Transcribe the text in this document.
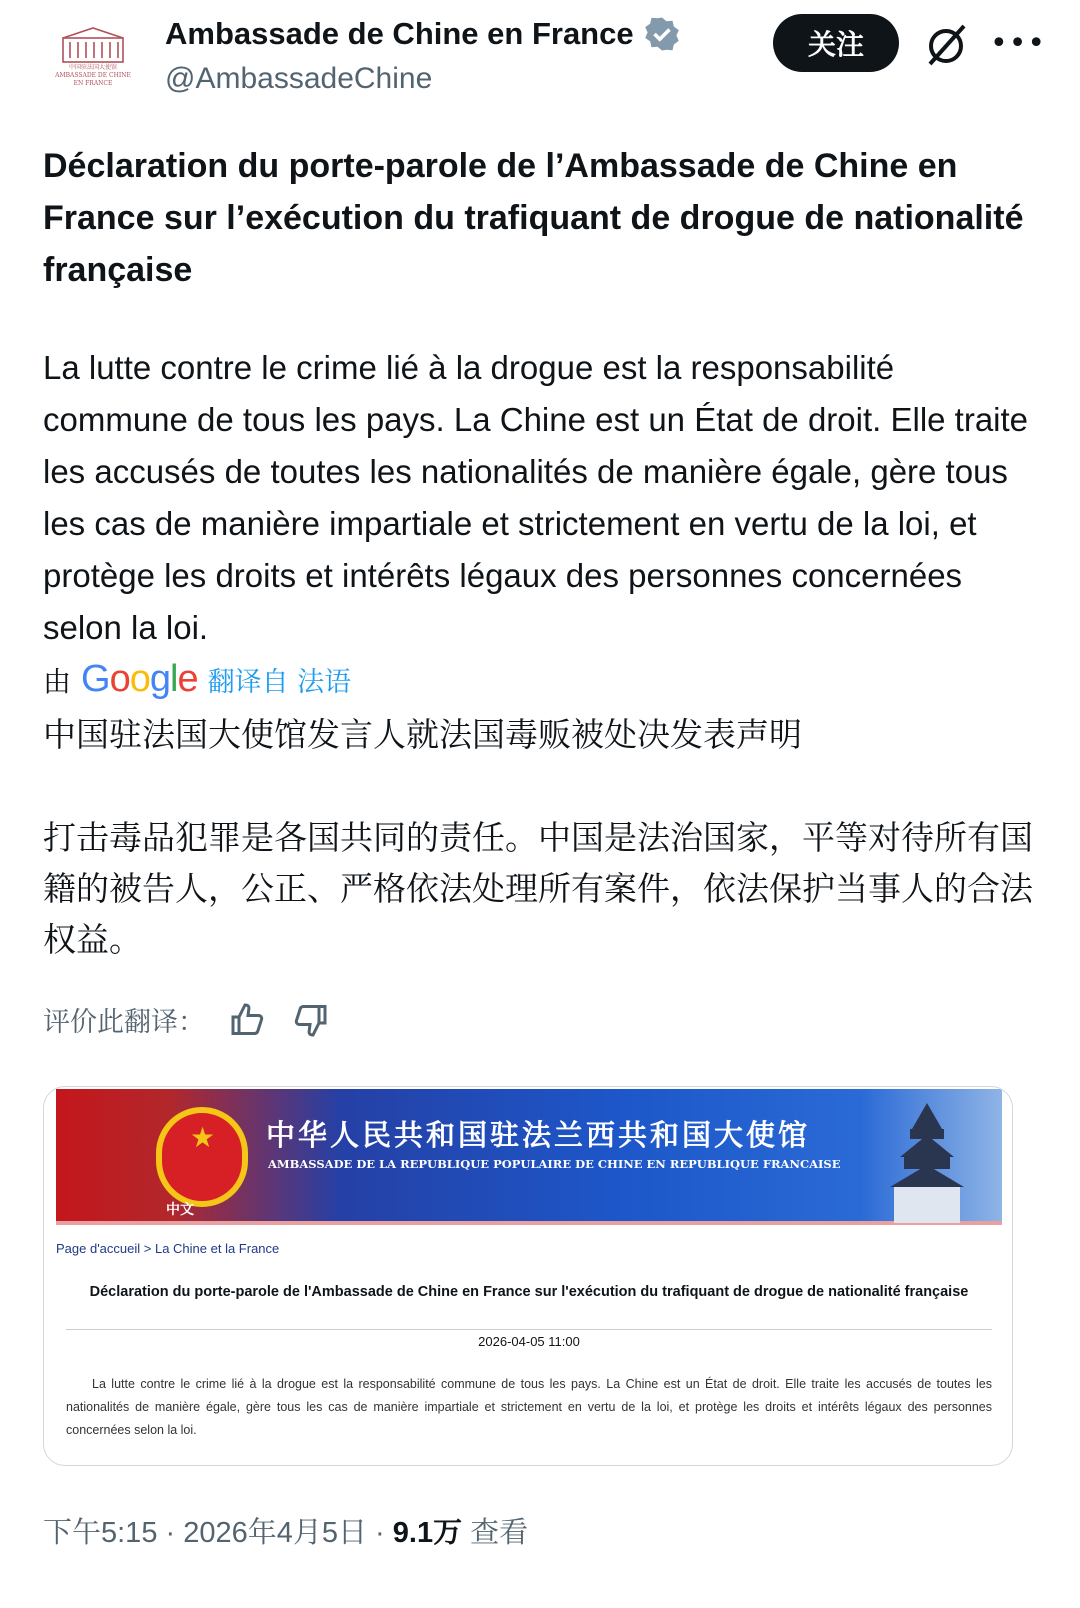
中国驻法国大使馆
AMBASSADE DE CHINE
EN FRANCE
Ambassade de Chine en France
@AmbassadeChine
关注	•••
Déclaration du porte-parole de l’Ambassade de Chine en France sur l’exécution du trafiquant de drogue de nationalité française
La lutte contre le crime lié à la drogue est la responsabilité commune de tous les pays. La Chine est un État de droit. Elle traite les accusés de toutes les nationalités de manière égale, gère tous les cas de manière impartiale et strictement en vertu de la loi, et protège les droits et intérêts légaux des personnes concernées selon la loi.
由 Google 翻译自 法语
中国驻法国大使馆发言人就法国毒贩被处决发表声明
打击毒品犯罪是各国共同的责任。中国是法治国家，平等对待所有国籍的被告人，公正、严格依法处理所有案件，依法保护当事人的合法权益。
评价此翻译：
★ 中华人民共和国驻法兰西共和国大使馆
AMBASSADE DE LA REPUBLIQUE POPULAIRE DE CHINE EN REPUBLIQUE FRANCAISE
中文
Page d'accueil > La Chine et la France
Déclaration du porte-parole de l'Ambassade de Chine en France sur l'exécution du trafiquant de drogue de nationalité française
2026-04-05 11:00
La lutte contre le crime lié à la drogue est la responsabilité commune de tous les pays. La Chine est un État de droit. Elle traite les accusés de toutes les nationalités de manière égale, gère tous les cas de manière impartiale et strictement en vertu de la loi, et protège les droits et intérêts légaux des personnes concernées selon la loi.
下午5:15 · 2026年4月5日 · 9.1万 查看
